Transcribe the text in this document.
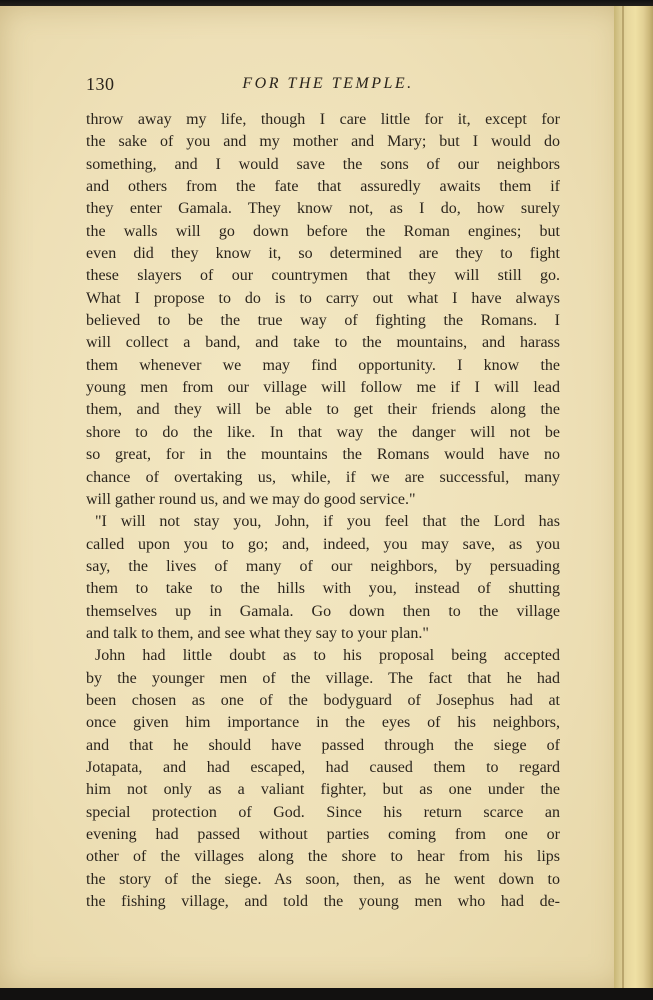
130	FOR THE TEMPLE.
throw away my life, though I care little for it, except for
the sake of you and my mother and Mary; but I would do
something, and I would save the sons of our neighbors
and others from the fate that assuredly awaits them if
they enter Gamala. They know not, as I do, how surely
the walls will go down before the Roman engines; but
even did they know it, so determined are they to fight
these slayers of our countrymen that they will still go.
What I propose to do is to carry out what I have always
believed to be the true way of fighting the Romans. I
will collect a band, and take to the mountains, and harass
them whenever we may find opportunity. I know the
young men from our village will follow me if I will lead
them, and they will be able to get their friends along the
shore to do the like. In that way the danger will not be
so great, for in the mountains the Romans would have no
chance of overtaking us, while, if we are successful, many
will gather round us, and we may do good service."
"I will not stay you, John, if you feel that the Lord has
called upon you to go; and, indeed, you may save, as you
say, the lives of many of our neighbors, by persuading
them to take to the hills with you, instead of shutting
themselves up in Gamala. Go down then to the village
and talk to them, and see what they say to your plan."
John had little doubt as to his proposal being accepted
by the younger men of the village. The fact that he had
been chosen as one of the bodyguard of Josephus had at
once given him importance in the eyes of his neighbors,
and that he should have passed through the siege of
Jotapata, and had escaped, had caused them to regard
him not only as a valiant fighter, but as one under the
special protection of God. Since his return scarce an
evening had passed without parties coming from one or
other of the villages along the shore to hear from his lips
the story of the siege. As soon, then, as he went down to
the fishing village, and told the young men who had de-
